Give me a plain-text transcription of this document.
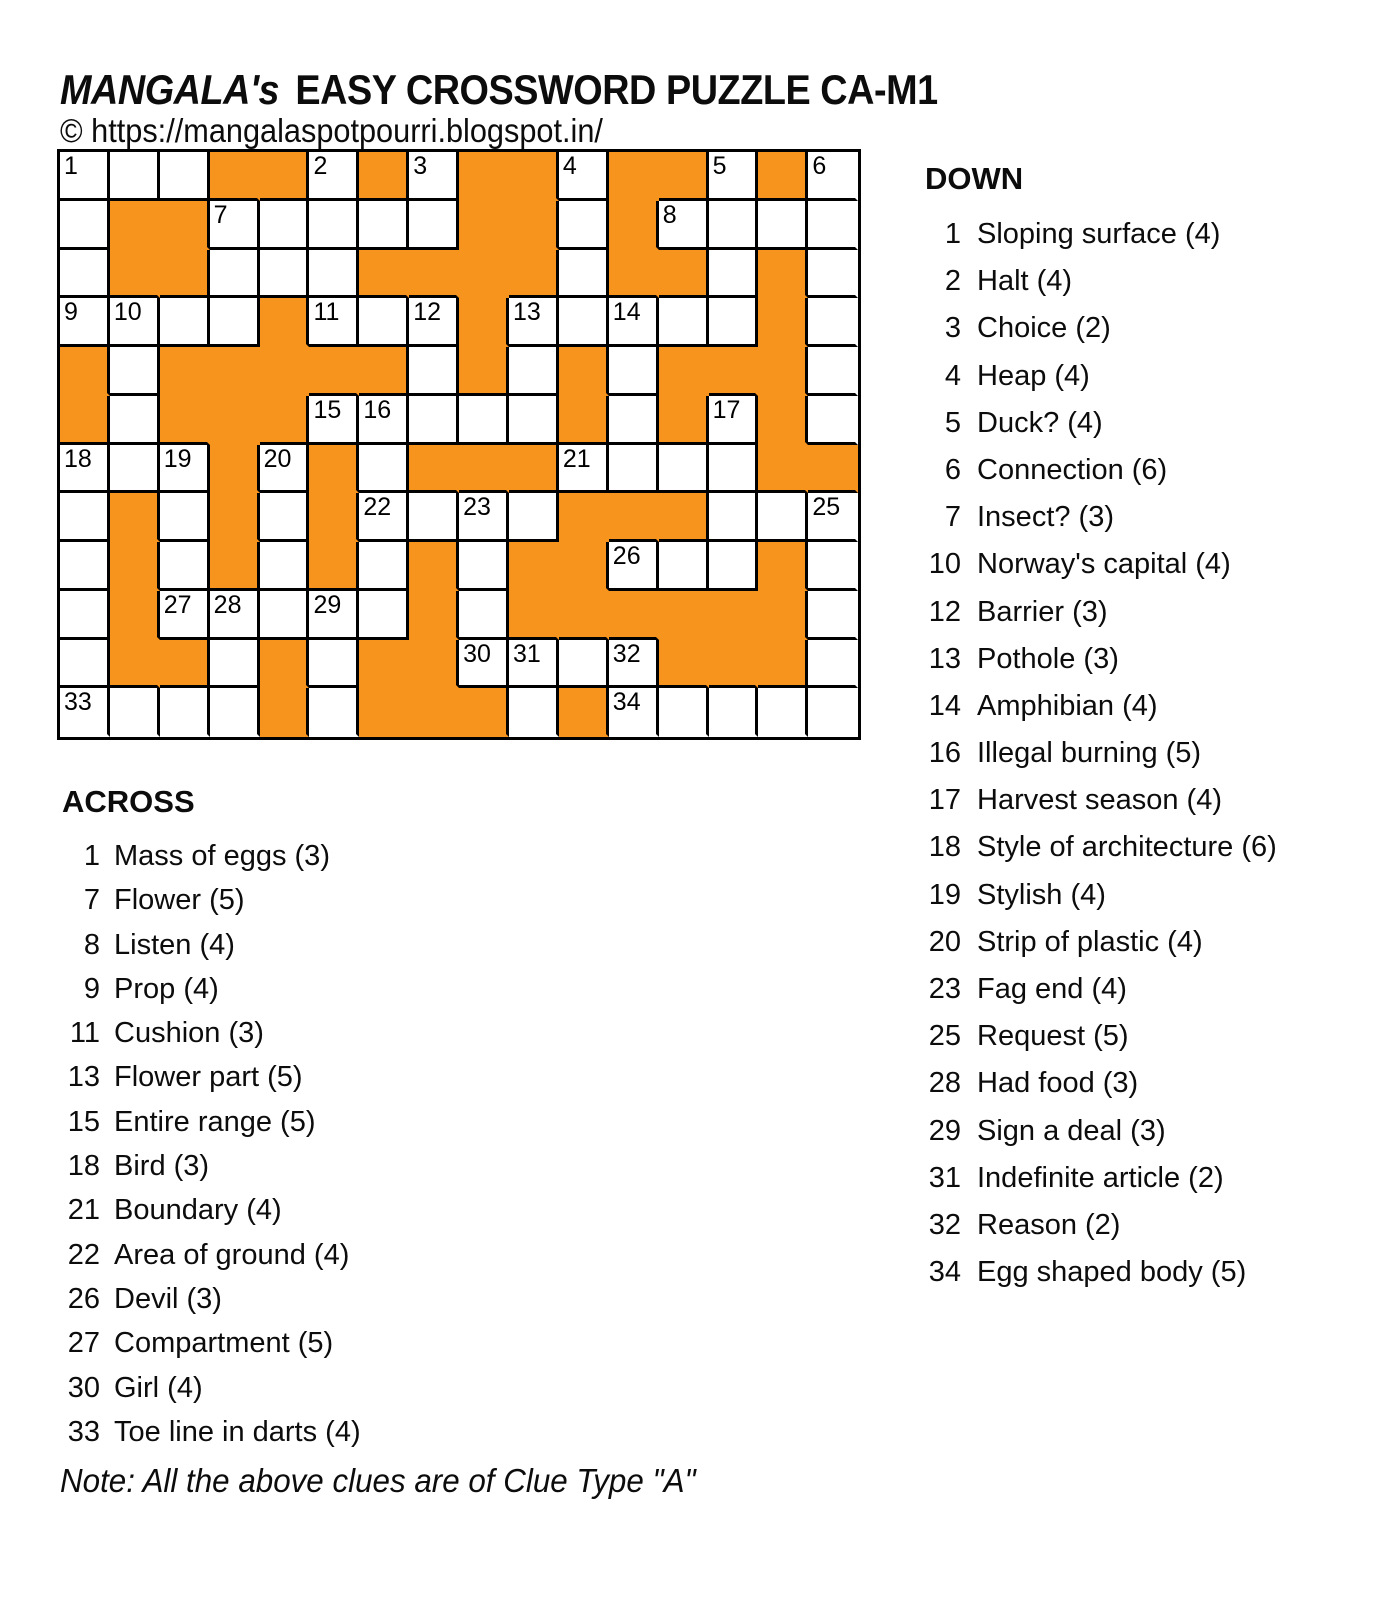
MANGALA's EASY CROSSWORD PUZZLE CA-M1
© https://mangalaspotpourri.blogspot.in/
1	2	3	4	5	6
7	8
9	10	11	12	13	14
15 16	17
18	19	20	21
22	23	25
26
27 28	29
30 31	32
33	34
ACROSS
1 Mass of eggs (3)
7 Flower (5)
8 Listen (4)
9 Prop (4)
11 Cushion (3)
13 Flower part (5)
15 Entire range (5)
18 Bird (3)
21 Boundary (4)
22 Area of ground (4)
26 Devil (3)
27 Compartment (5)
30 Girl (4)
33 Toe line in darts (4)
DOWN
1 Sloping surface (4)
2 Halt (4)
3 Choice (2)
4 Heap (4)
5 Duck? (4)
6 Connection (6)
7 Insect? (3)
10 Norway's capital (4)
12 Barrier (3)
13 Pothole (3)
14 Amphibian (4)
16 Illegal burning (5)
17 Harvest season (4)
18 Style of architecture (6)
19 Stylish (4)
20 Strip of plastic (4)
23 Fag end (4)
25 Request (5)
28 Had food (3)
29 Sign a deal (3)
31 Indefinite article (2)
32 Reason (2)
34 Egg shaped body (5)
Note: All the above clues are of Clue Type "A"
